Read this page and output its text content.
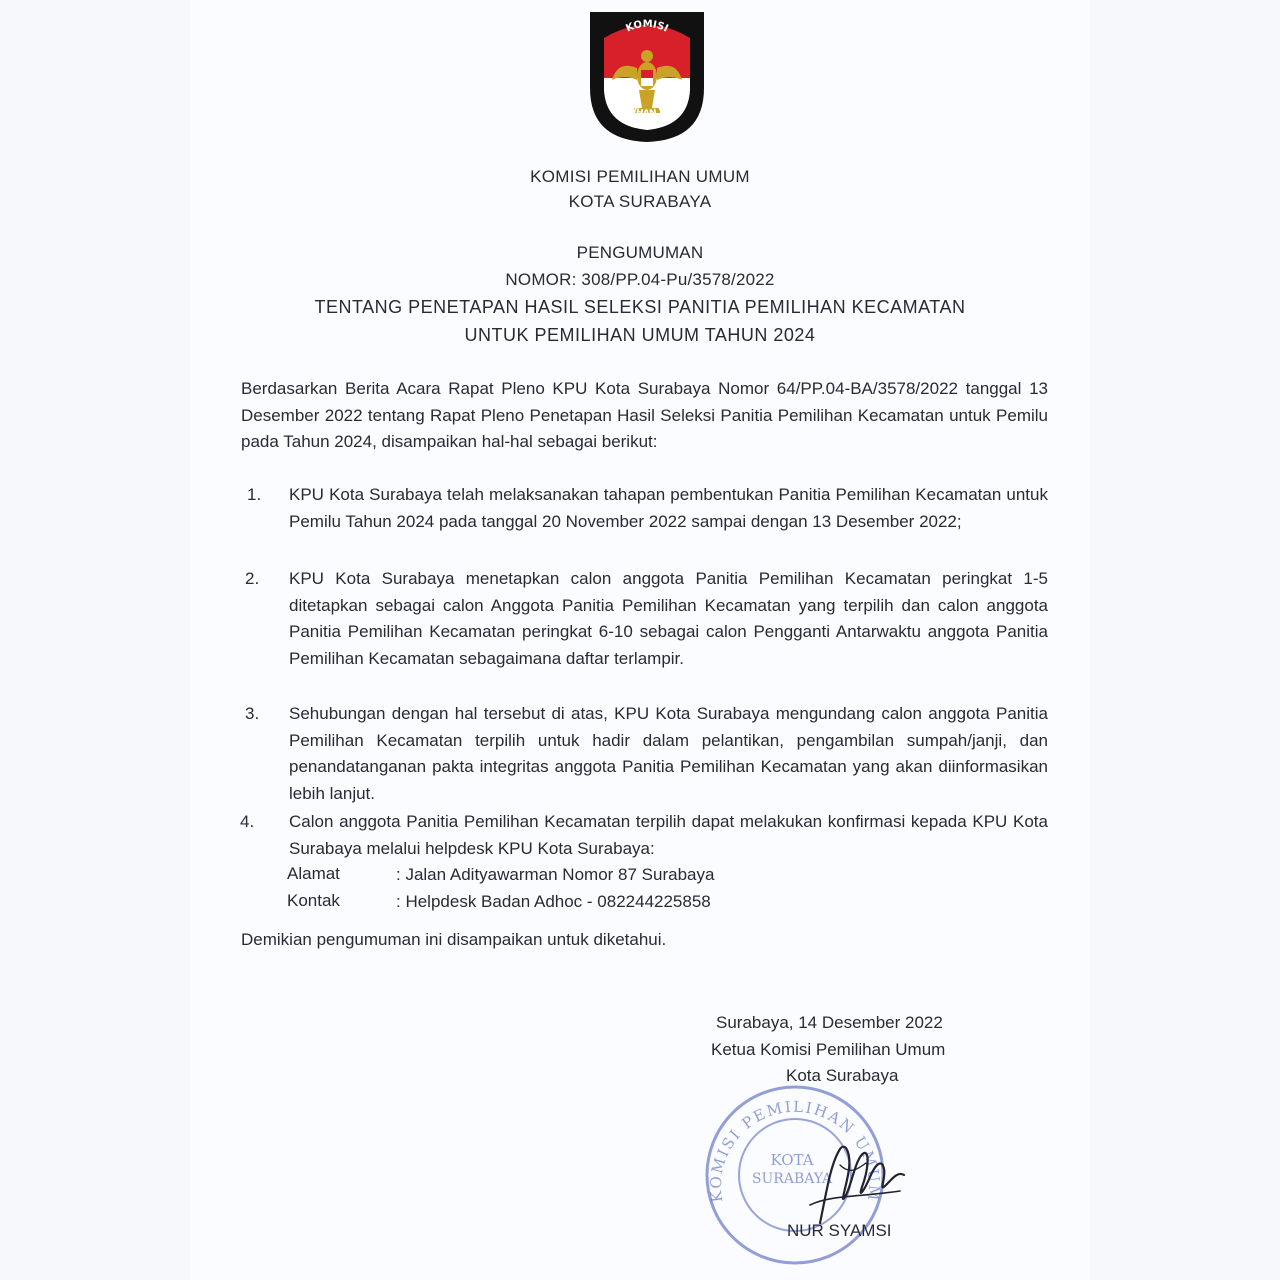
KOMISI
PEMILIHAN UMUM
KOMISI PEMILIHAN UMUM
KOTA SURABAYA
PENGUMUMAN
NOMOR: 308/PP.04-Pu/3578/2022
TENTANG PENETAPAN HASIL SELEKSI PANITIA PEMILIHAN KECAMATAN
UNTUK PEMILIHAN UMUM TAHUN 2024
Berdasarkan Berita Acara Rapat Pleno KPU Kota Surabaya Nomor 64/PP.04-BA/3578/2022 tanggal 13 Desember 2022 tentang Rapat Pleno Penetapan Hasil Seleksi Panitia Pemilihan Kecamatan untuk Pemilu pada Tahun 2024, disampaikan hal-hal sebagai berikut:
1. KPU Kota Surabaya telah melaksanakan tahapan pembentukan Panitia Pemilihan Kecamatan untuk Pemilu Tahun 2024 pada tanggal 20 November 2022 sampai dengan 13 Desember 2022;
2. KPU Kota Surabaya menetapkan calon anggota Panitia Pemilihan Kecamatan peringkat 1-5 ditetapkan sebagai calon Anggota Panitia Pemilihan Kecamatan yang terpilih dan calon anggota Panitia Pemilihan Kecamatan peringkat 6-10 sebagai calon Pengganti Antarwaktu anggota Panitia Pemilihan Kecamatan sebagaimana daftar terlampir.
3. Sehubungan dengan hal tersebut di atas, KPU Kota Surabaya mengundang calon anggota Panitia Pemilihan Kecamatan terpilih untuk hadir dalam pelantikan, pengambilan sumpah/janji, dan penandatanganan pakta integritas anggota Panitia Pemilihan Kecamatan yang akan diinformasikan lebih lanjut.
4. Calon anggota Panitia Pemilihan Kecamatan terpilih dapat melakukan konfirmasi kepada KPU Kota Surabaya melalui helpdesk KPU Kota Surabaya:
Alamat	: Jalan Adityawarman Nomor 87 Surabaya
Kontak	: Helpdesk Badan Adhoc - 082244225858
Demikian pengumuman ini disampaikan untuk diketahui.
Surabaya, 14 Desember 2022
Ketua Komisi Pemilihan Umum
Kota Surabaya
KOMISI PEMILIHAN UMUM
KOTA
SURABAYA
NUR SYAMSI
